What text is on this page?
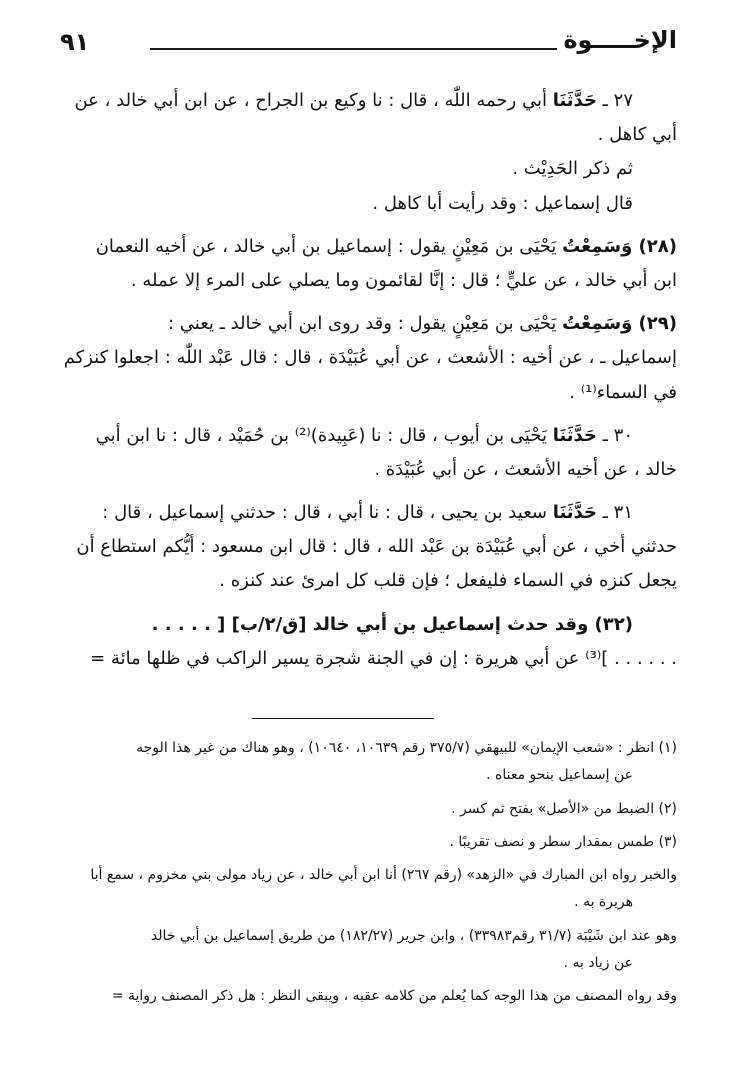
٩١	الإخـــــوة

٢٧ ـ حَدَّثَنَا أبي رحمه اللّٰه ، قال : نا وكيع بن الجراح ، عن ابن أبي خالد ، عن
أبي كاهل .
ثم ذكر الحَدِيْث .
قال إسماعيل : وقد رأيت أبا كاهل .

(٢٨) وَسَمِعْتُ يَحْيَى بن مَعِيْنٍ يقول : إسماعيل بن أبي خالد ، عن أخيه النعمان
ابن أبي خالد ، عن عليٍّ ؛ قال : إنَّا لقائمون وما يصلي على المرء إلا عمله .

(٢٩) وَسَمِعْتُ يَحْيَى بن مَعِيْنٍ يقول : وقد روى ابن أبي خالد ـ يعني :
إسماعيل ـ ، عن أخيه : الأشعث ، عن أبي عُبَيْدَة ، قال : قال عَبْد اللّٰه : اجعلوا كنزكم
في السماء⁽¹⁾ .

٣٠ ـ حَدَّثَنَا يَحْيَى بن أيوب ، قال : نا (عَبِيدة)⁽²⁾ بن حُمَيْد ، قال : نا ابن أبي
خالد ، عن أخيه الأشعث ، عن أبي عُبَيْدَة .

٣١ ـ حَدَّثَنَا سعيد بن يحيى ، قال : نا أبي ، قال : حدثني إسماعيل ، قال :
حدثني أخي ، عن أبي عُبَيْدَة بن عَبْد الله ، قال : قال ابن مسعود : أيُّكم استطاع أن
يجعل كنزه في السماء فليفعل ؛ فإن قلب كل امرئ عند كنزه .

(٣٢) وقد حدث إسماعيل بن أبي خالد [ق/٢/ب] [ . . . . .
. . . . . . ]⁽³⁾ عن أبي هريرة : إن في الجنة شجرة يسير الراكب في ظلها مائة =

(١) انظر : «شعب الإيمان» للبيهقي (٣٧٥/٧ رقم ١٠٦٣٩، ١٠٦٤٠) ، وهو هناك من غير هذا الوجه
عن إسماعيل بنحو معناه .

(٢) الضبط من «الأصل» بفتح ثم كسر .

(٣) طمس بمقدار سطر و نصف تقريبًا .

والخبر رواه ابن المبارك في «الزهد» (رقم ٢٦٧) أنا ابن أبي خالد ، عن زياد مولى بني مخزوم ، سمع أبا
هريرة به .

وهو عند ابن شَيْبَة (٣١/٧ رقم٣٣٩٨٣) ، وابن جرير (١٨٢/٢٧) من طريق إسماعيل بن أبي خالد
عن زياد به .

وقد رواه المصنف من هذا الوجه كما يُعلم من كلامه عقبه ، ويبقى النظر : هل ذكر المصنف رواية =
